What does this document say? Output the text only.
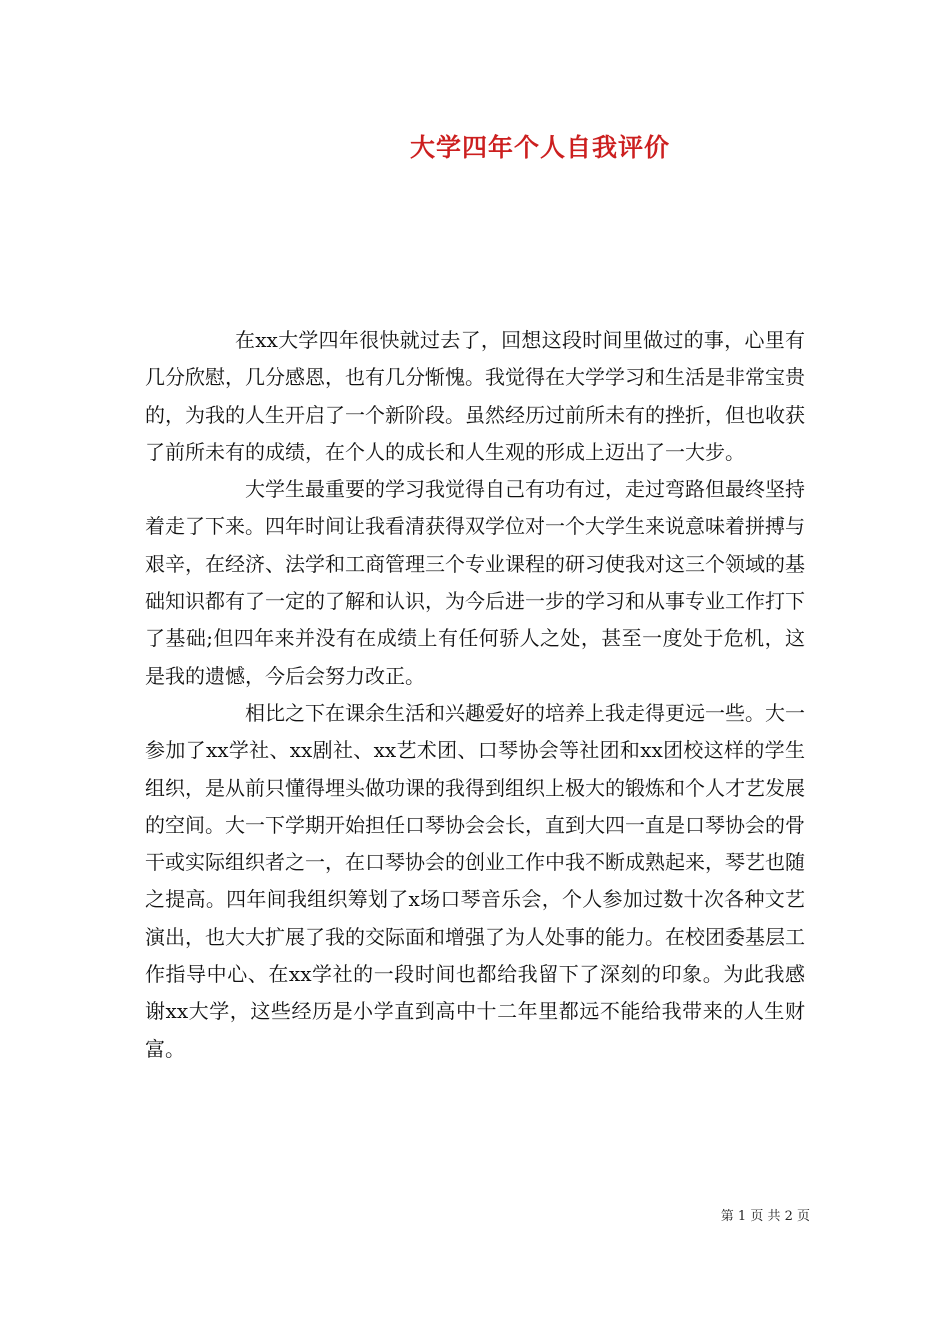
大学四年个人自我评价

在xx大学四年很快就过去了，回想这段时间里做过的事，心里有几分欣慰，几分感恩，也有几分惭愧。我觉得在大学学习和生活是非常宝贵的，为我的人生开启了一个新阶段。虽然经历过前所未有的挫折，但也收获了前所未有的成绩，在个人的成长和人生观的形成上迈出了一大步。

大学生最重要的学习我觉得自己有功有过，走过弯路但最终坚持着走了下来。四年时间让我看清获得双学位对一个大学生来说意味着拼搏与艰辛，在经济、法学和工商管理三个专业课程的研习使我对这三个领域的基础知识都有了一定的了解和认识，为今后进一步的学习和从事专业工作打下了基础;但四年来并没有在成绩上有任何骄人之处，甚至一度处于危机，这是我的遗憾，今后会努力改正。

相比之下在课余生活和兴趣爱好的培养上我走得更远一些。大一参加了xx学社、xx剧社、xx艺术团、口琴协会等社团和xx团校这样的学生组织，是从前只懂得埋头做功课的我得到组织上极大的锻炼和个人才艺发展的空间。大一下学期开始担任口琴协会会长，直到大四一直是口琴协会的骨干或实际组织者之一，在口琴协会的创业工作中我不断成熟起来，琴艺也随之提高。四年间我组织筹划了x场口琴音乐会，个人参加过数十次各种文艺演出，也大大扩展了我的交际面和增强了为人处事的能力。在校团委基层工作指导中心、在xx学社的一段时间也都给我留下了深刻的印象。为此我感谢xx大学，这些经历是小学直到高中十二年里都远不能给我带来的人生财富。

第 1 页 共 2 页
